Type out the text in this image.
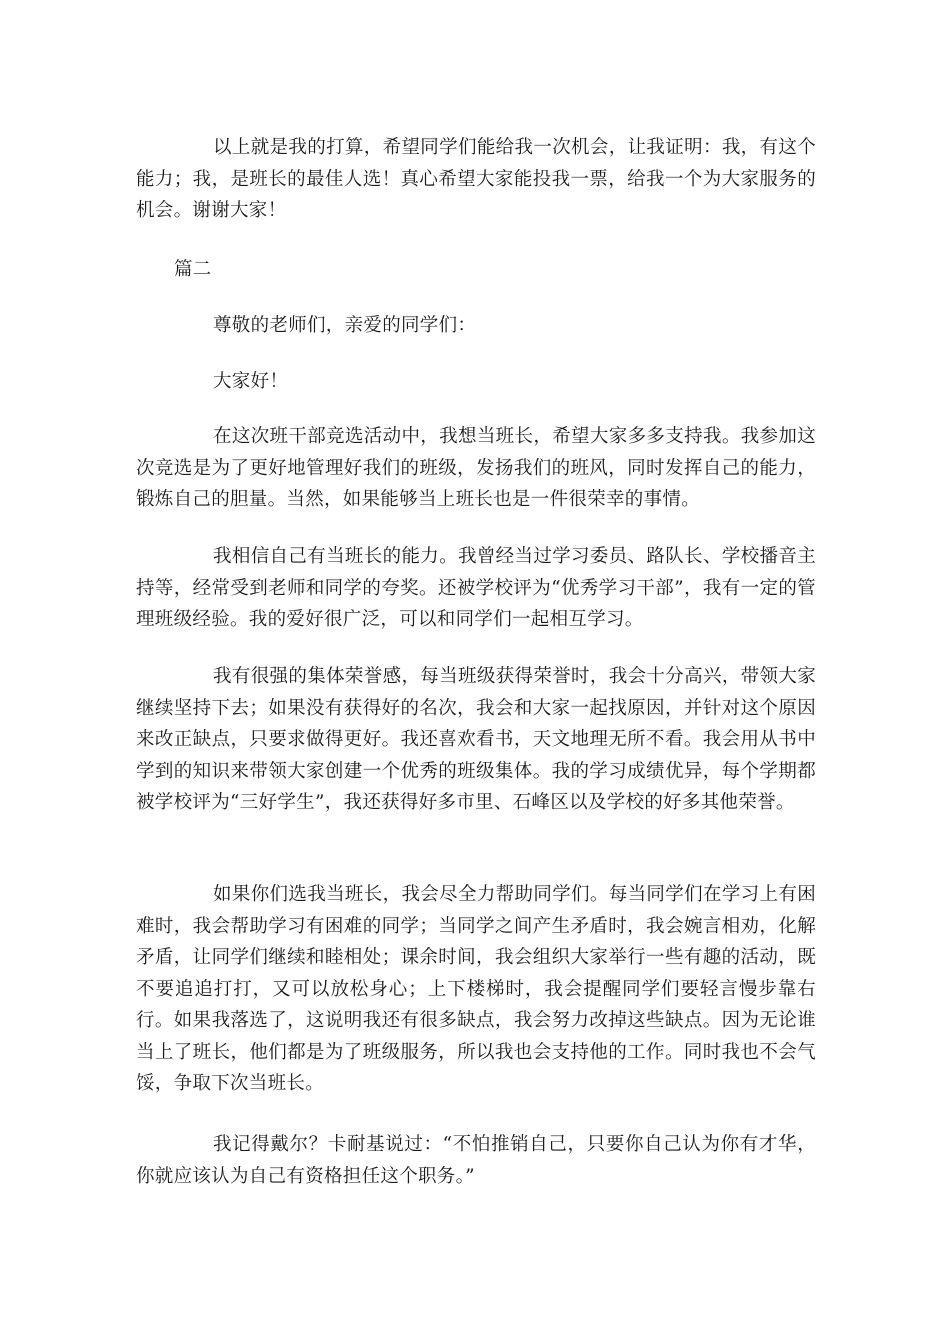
以上就是我的打算，希望同学们能给我一次机会，让我证明：我，有这个能力；我，是班长的最佳人选！真心希望大家能投我一票，给我一个为大家服务的机会。谢谢大家！

篇二

尊敬的老师们，亲爱的同学们：

大家好！

在这次班干部竞选活动中，我想当班长，希望大家多多支持我。我参加这次竞选是为了更好地管理好我们的班级，发扬我们的班风，同时发挥自己的能力，锻炼自己的胆量。当然，如果能够当上班长也是一件很荣幸的事情。

我相信自己有当班长的能力。我曾经当过学习委员、路队长、学校播音主持等，经常受到老师和同学的夸奖。还被学校评为“优秀学习干部”，我有一定的管理班级经验。我的爱好很广泛，可以和同学们一起相互学习。

我有很强的集体荣誉感，每当班级获得荣誉时，我会十分高兴，带领大家继续坚持下去；如果没有获得好的名次，我会和大家一起找原因，并针对这个原因来改正缺点，只要求做得更好。我还喜欢看书，天文地理无所不看。我会用从书中学到的知识来带领大家创建一个优秀的班级集体。我的学习成绩优异，每个学期都被学校评为“三好学生”，我还获得好多市里、石峰区以及学校的好多其他荣誉。

如果你们选我当班长，我会尽全力帮助同学们。每当同学们在学习上有困难时，我会帮助学习有困难的同学；当同学之间产生矛盾时，我会婉言相劝，化解矛盾，让同学们继续和睦相处；课余时间，我会组织大家举行一些有趣的活动，既不要追追打打，又可以放松身心；上下楼梯时，我会提醒同学们要轻言慢步靠右行。如果我落选了，这说明我还有很多缺点，我会努力改掉这些缺点。因为无论谁当上了班长，他们都是为了班级服务，所以我也会支持他的工作。同时我也不会气馁，争取下次当班长。

我记得戴尔？卡耐基说过：“不怕推销自己，只要你自己认为你有才华，你就应该认为自己有资格担任这个职务。”
